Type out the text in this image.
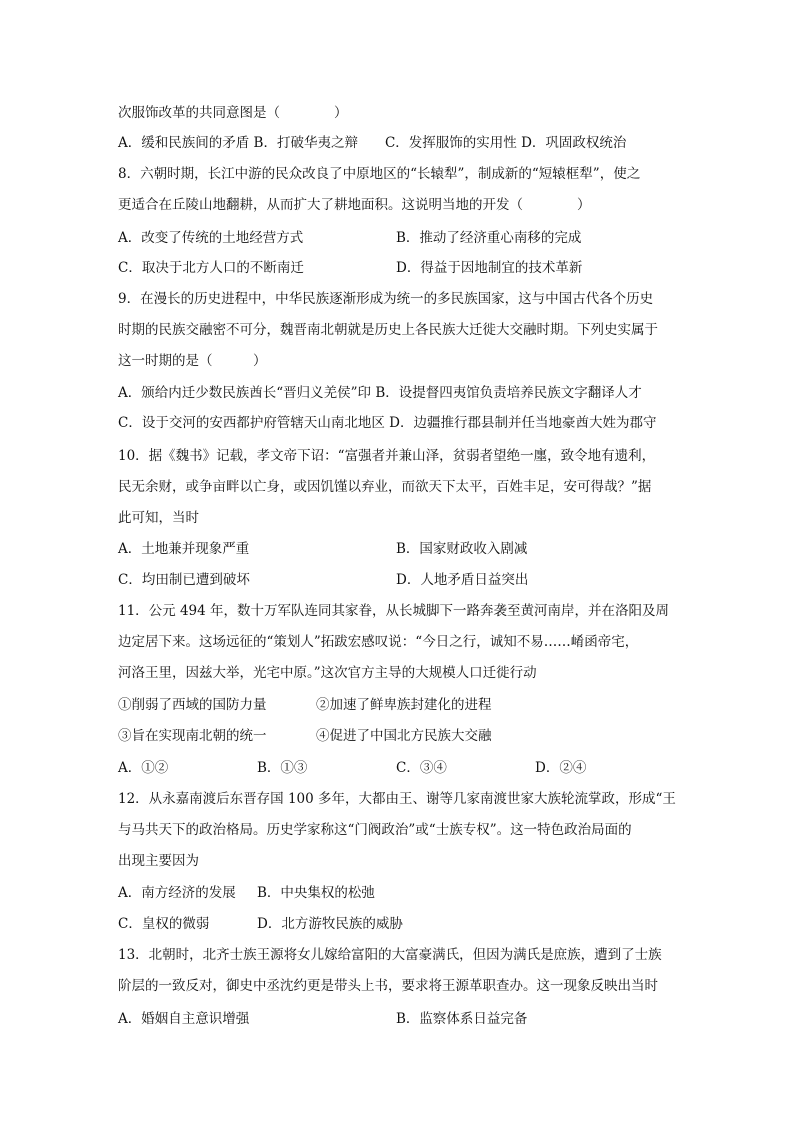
次服饰改革的共同意图是（　　　　）
A．缓和民族间的矛盾 B．打破华夷之辩　　C．发挥服饰的实用性 D．巩固政权统治
8．六朝时期，长江中游的民众改良了中原地区的“长辕犁”，制成新的“短辕框犁”，使之
更适合在丘陵山地翻耕，从而扩大了耕地面积。这说明当地的开发（　　　　）
A．改变了传统的土地经营方式	B．推动了经济重心南移的完成
C．取决于北方人口的不断南迁	D．得益于因地制宜的技术革新
9．在漫长的历史进程中，中华民族逐渐形成为统一的多民族国家，这与中国古代各个历史
时期的民族交融密不可分，魏晋南北朝就是历史上各民族大迁徙大交融时期。下列史实属于
这一时期的是（　　　）
A．颁给内迁少数民族酋长“晋归义羌侯”印 B．设提督四夷馆负责培养民族文字翻译人才
C．设于交河的安西都护府管辖天山南北地区 D．边疆推行郡县制并任当地豪酋大姓为郡守
10．据《魏书》记载，孝文帝下诏：“富强者并兼山泽，贫弱者望绝一廛，致令地有遗利，
民无余财，或争亩畔以亡身，或因饥馑以弃业，而欲天下太平，百姓丰足，安可得哉？”据
此可知，当时
A．土地兼并现象严重	B．国家财政收入剧减
C．均田制已遭到破坏	D．人地矛盾日益突出
11．公元 494 年，数十万军队连同其家眷，从长城脚下一路奔袭至黄河南岸，并在洛阳及周
边定居下来。这场远征的“策划人”拓跋宏感叹说：“今日之行，诚知不易……崤函帝宅，
河洛王里，因兹大举，光宅中原。”这次官方主导的大规模人口迁徙行动
①削弱了西域的国防力量	②加速了鲜卑族封建化的进程
③旨在实现南北朝的统一	④促进了中国北方民族大交融
A．①②	B．①③	C．③④	D．②④
12．从永嘉南渡后东晋存国 100 多年，大都由王、谢等几家南渡世家大族轮流掌政，形成“王
与马共天下的政治格局。历史学家称这“门阀政治”或“士族专权”。这一特色政治局面的
出现主要因为
A．南方经济的发展 B．中央集权的松弛
C．皇权的微弱	D．北方游牧民族的威胁
13．北朝时，北齐士族王源将女儿嫁给富阳的大富豪满氏，但因为满氏是庶族，遭到了士族
阶层的一致反对，御史中丞沈约更是带头上书，要求将王源革职查办。这一现象反映出当时
A．婚姻自主意识增强	B．监察体系日益完备
